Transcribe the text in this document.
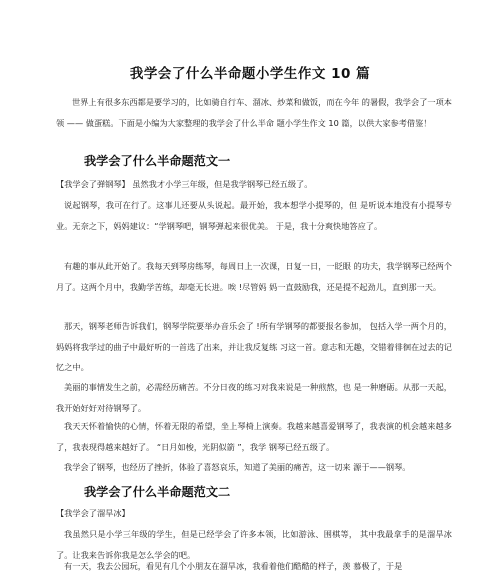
我学会了什么半命题小学生作文 10 篇
世界上有很多东西都是要学习的，比如骑自行车、溜冰、炒菜和做饭，而在今年 的暑假，我学会了一项本领 —— 做蛋糕。下面是小编为大家整理的我学会了什么半命 题小学生作文 10 篇，以供大家参考借鉴！
我学会了什么半命题范文一
【我学会了弹钢琴】 虽然我才小学三年级，但是我学钢琴已经五级了。
说起钢琴，我可在行了。这事儿还要从头说起。最开始，我本想学小提琴的，但 是听说本地没有小提琴专业。无奈之下，妈妈建议：“学钢琴吧，钢琴弹起来很优美。 于是，我十分爽快地答应了。
有趣的事从此开始了。我每天到琴房练琴，每周日上一次课，日复一日，一眨眼 的功夫，我学钢琴已经两个月了。这两个月中，我勤学苦练，却毫无长进。唉 !尽管妈 妈一直鼓励我，还是提不起劲儿，直到那一天。
那天，钢琴老师告诉我们，钢琴学院要举办音乐会了 !所有学钢琴的都要报名参加， 包括入学一两个月的，妈妈将我学过的曲子中最好听的一首选了出来，并让我反复练 习这一首。意志和无趣，交错着徘徊在过去的记忆之中。
美丽的事情发生之前，必需经历痛苦。不分日夜的练习对我来说是一种煎熬，也 是一种磨砺。从那一天起，我开始好好对待钢琴了。
我天天怀着愉快的心情，怀着无限的希望，坐上琴椅上演奏。我越来越喜爱钢琴了，我表演的机会越来越多了，我表现得越来越好了。 “日月如梭，光阴似箭 ”，我学 钢琴已经五级了。
我学会了钢琴，也经历了挫折，体验了喜怒哀乐，知道了美丽的痛苦，这一切来 源于——钢琴。
我学会了什么半命题范文二
【我学会了溜旱冰】
我虽然只是小学三年级的学生，但是已经学会了许多本领，比如游泳、围棋等， 其中我最拿手的是溜旱冰了。让我来告诉你我是怎么学会的吧。
有一天，我去公园玩，看见有几个小朋友在溜旱冰，我看着他们酷酷的样子，羡 慕极了，于是
